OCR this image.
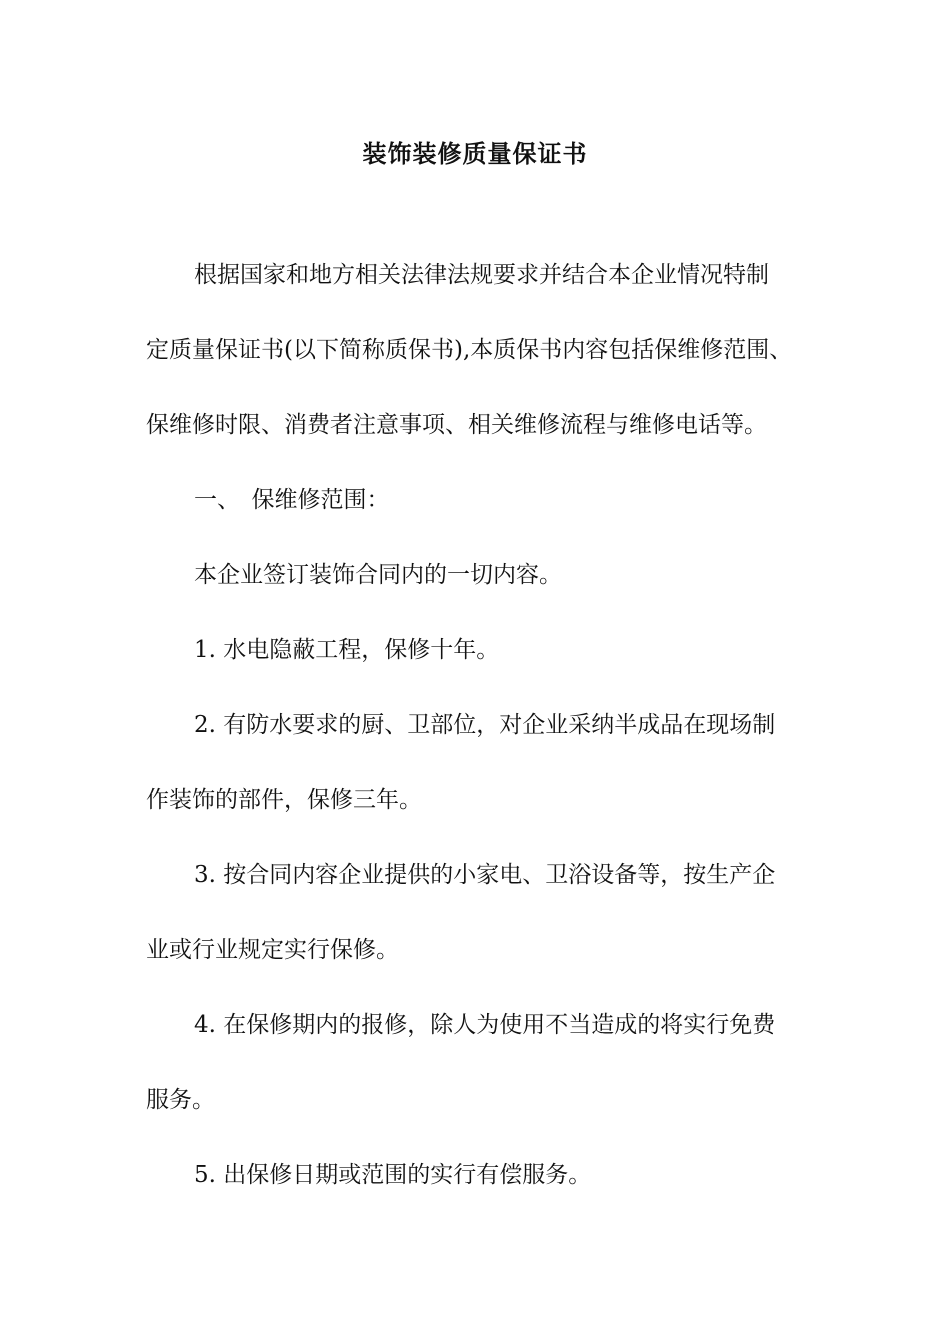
装饰装修质量保证书
根据国家和地方相关法律法规要求并结合本企业情况特制
定质量保证书(以下简称质保书),本质保书内容包括保维修范围、
保维修时限、消费者注意事项、相关维修流程与维修电话等。
一、　保维修范围：
本企业签订装饰合同内的一切内容。
1. 水电隐蔽工程，保修十年。
2. 有防水要求的厨、卫部位，对企业采纳半成品在现场制
作装饰的部件，保修三年。
3. 按合同内容企业提供的小家电、卫浴设备等，按生产企
业或行业规定实行保修。
4. 在保修期内的报修，除人为使用不当造成的将实行免费
服务。
5. 出保修日期或范围的实行有偿服务。
